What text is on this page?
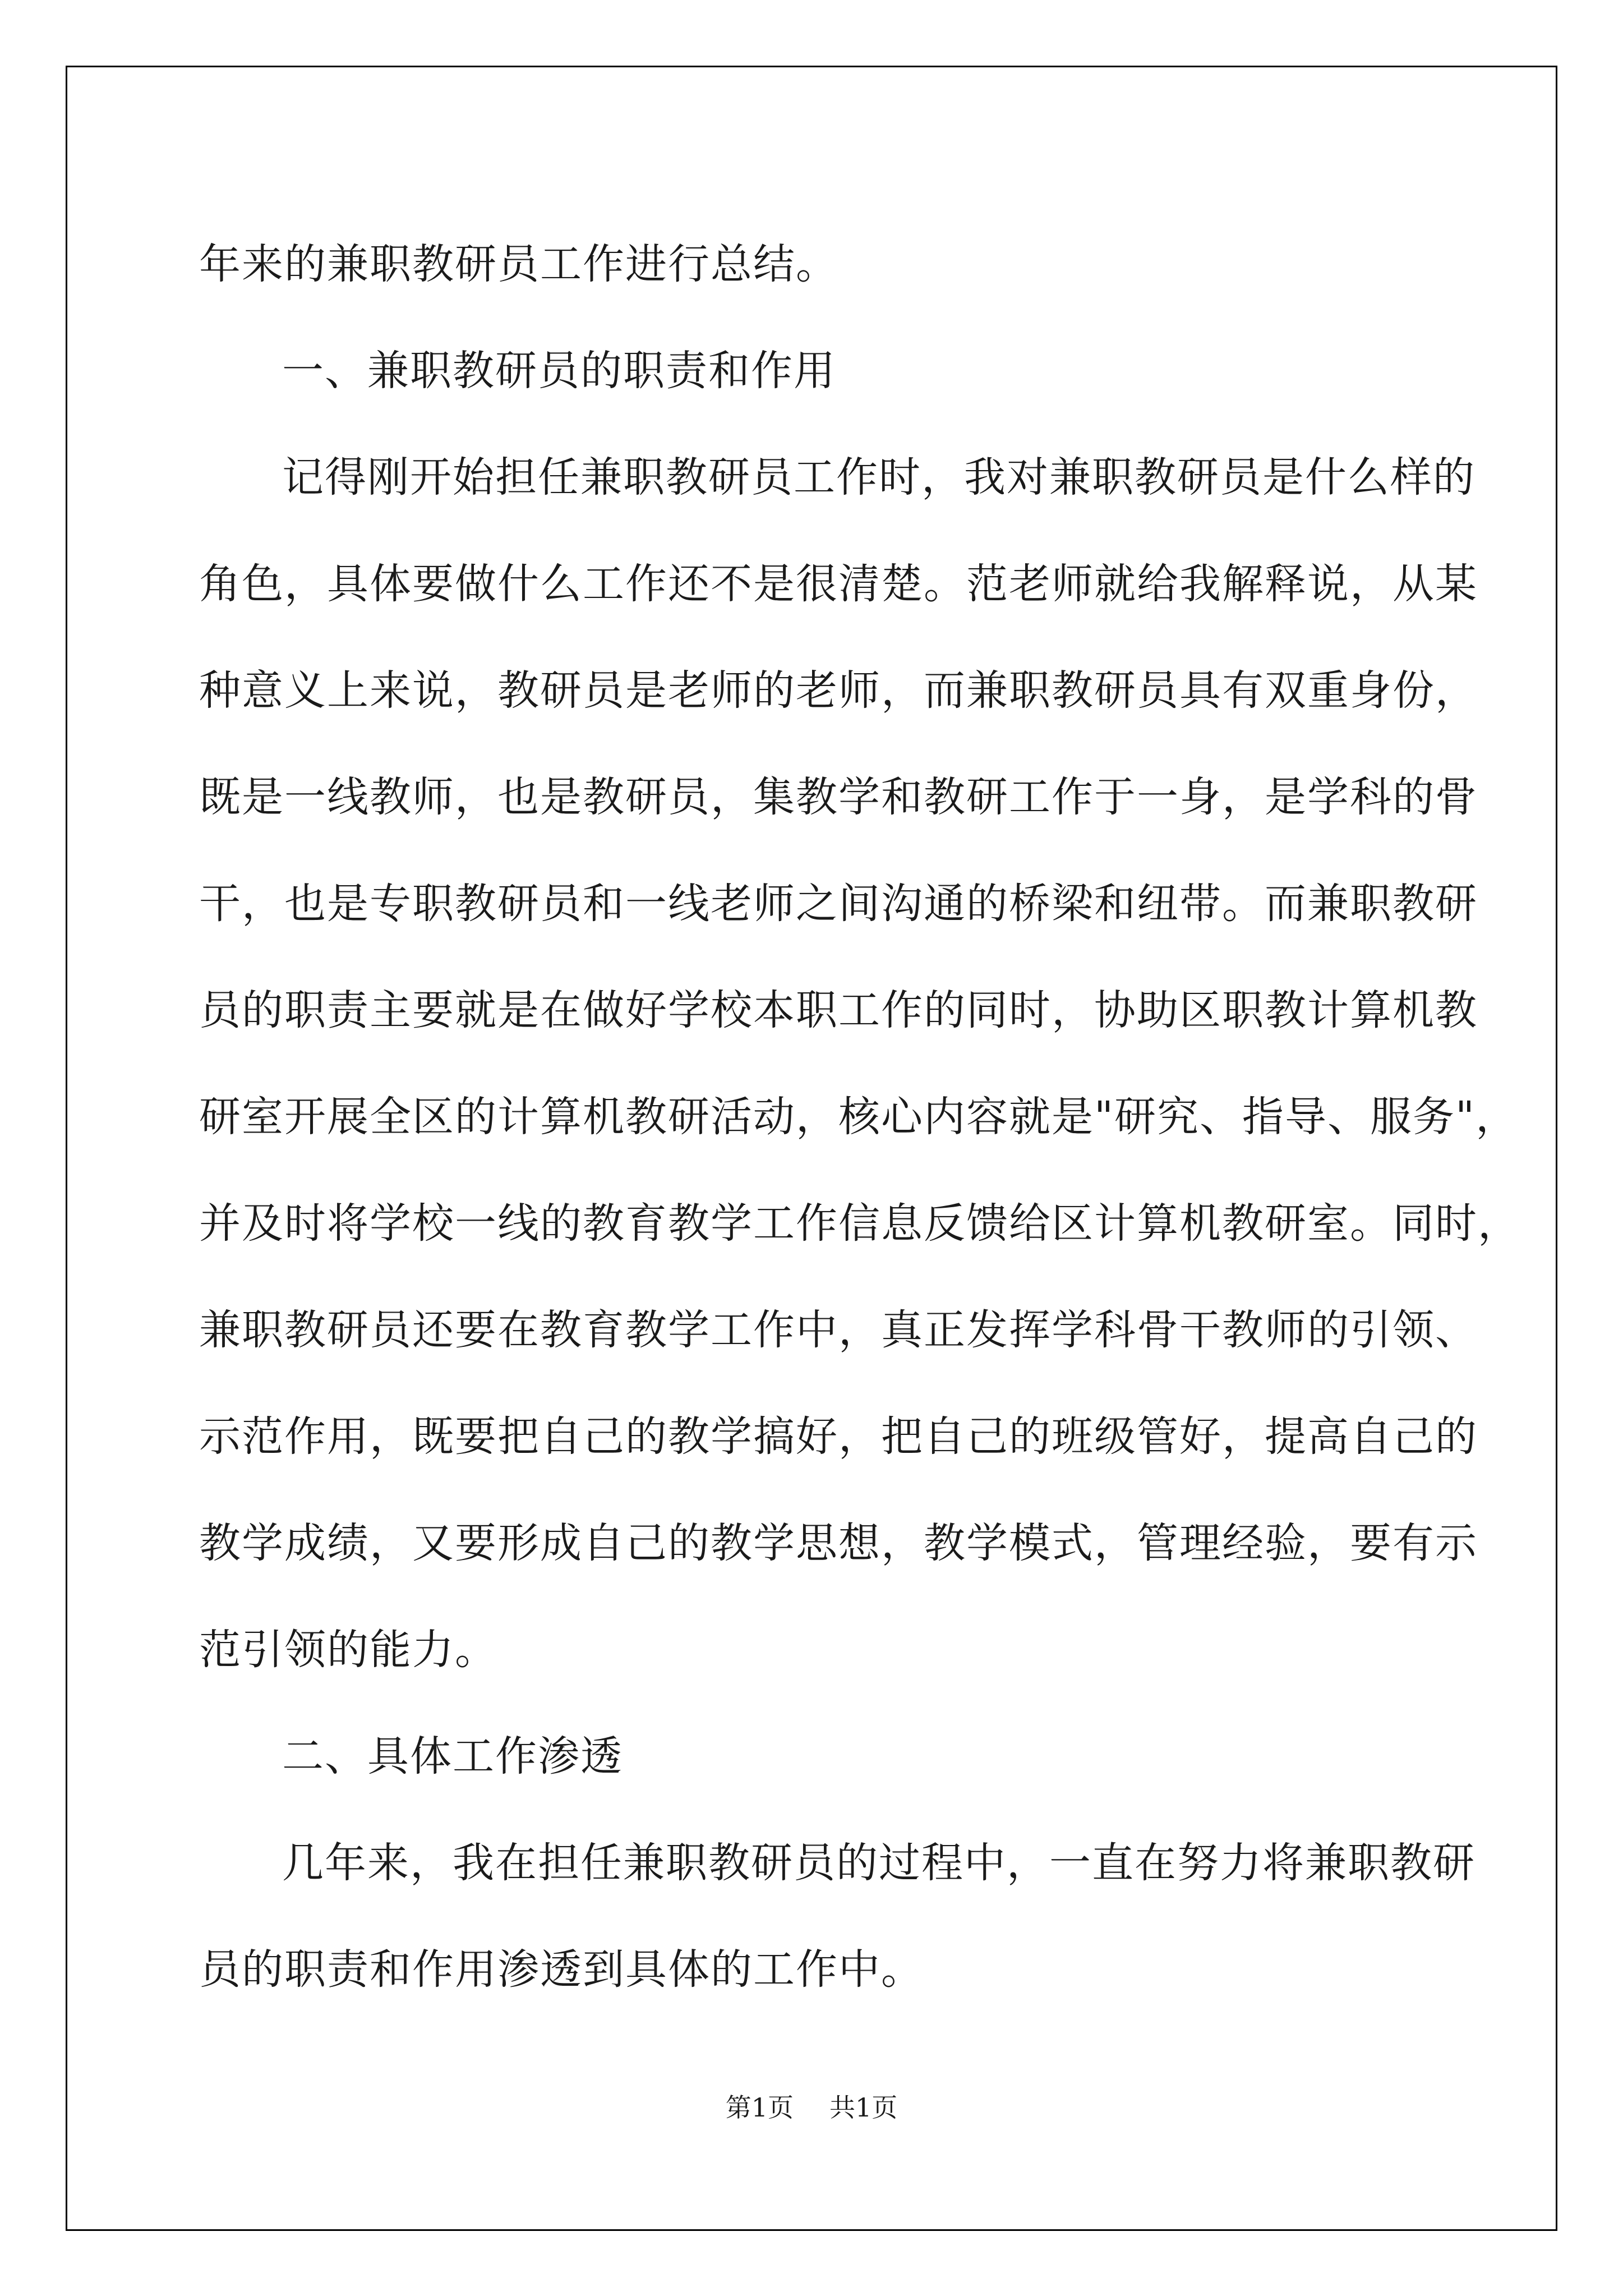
年来的兼职教研员工作进行总结。
一、兼职教研员的职责和作用
记得刚开始担任兼职教研员工作时，我对兼职教研员是什么样的
角色，具体要做什么工作还不是很清楚。范老师就给我解释说，从某
种意义上来说，教研员是老师的老师，而兼职教研员具有双重身份，
既是一线教师，也是教研员，集教学和教研工作于一身，是学科的骨
干，也是专职教研员和一线老师之间沟通的桥梁和纽带。而兼职教研
员的职责主要就是在做好学校本职工作的同时，协助区职教计算机教
研室开展全区的计算机教研活动，核心内容就是"研究、指导、服务"，
并及时将学校一线的教育教学工作信息反馈给区计算机教研室。同时，
兼职教研员还要在教育教学工作中，真正发挥学科骨干教师的引领、
示范作用，既要把自己的教学搞好，把自己的班级管好，提高自己的
教学成绩，又要形成自己的教学思想，教学模式，管理经验，要有示
范引领的能力。
二、具体工作渗透
几年来，我在担任兼职教研员的过程中，一直在努力将兼职教研
员的职责和作用渗透到具体的工作中。
第1页 共1页
